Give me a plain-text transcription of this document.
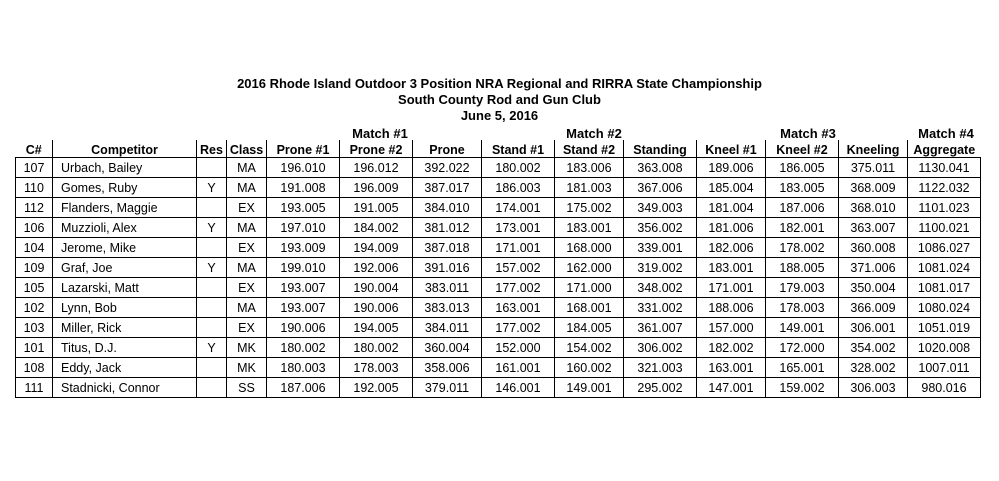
2016 Rhode Island Outdoor 3 Position NRA Regional and RIRRA State Championship
South County Rod and Gun Club
June 5, 2016
Match #1	Match #2	Match #3	Match #4
C#	Competitor	Res	Class	Prone #1	Prone #2	Prone	Stand #1	Stand #2	Standing	Kneel #1	Kneel #2	Kneeling	Aggregate
107	Urbach, Bailey		MA	196.010	196.012	392.022	180.002	183.006	363.008	189.006	186.005	375.011	1130.041
110	Gomes, Ruby	Y	MA	191.008	196.009	387.017	186.003	181.003	367.006	185.004	183.005	368.009	1122.032
112	Flanders, Maggie		EX	193.005	191.005	384.010	174.001	175.002	349.003	181.004	187.006	368.010	1101.023
106	Muzzioli, Alex	Y	MA	197.010	184.002	381.012	173.001	183.001	356.002	181.006	182.001	363.007	1100.021
104	Jerome, Mike		EX	193.009	194.009	387.018	171.001	168.000	339.001	182.006	178.002	360.008	1086.027
109	Graf, Joe	Y	MA	199.010	192.006	391.016	157.002	162.000	319.002	183.001	188.005	371.006	1081.024
105	Lazarski, Matt		EX	193.007	190.004	383.011	177.002	171.000	348.002	171.001	179.003	350.004	1081.017
102	Lynn, Bob		MA	193.007	190.006	383.013	163.001	168.001	331.002	188.006	178.003	366.009	1080.024
103	Miller, Rick		EX	190.006	194.005	384.011	177.002	184.005	361.007	157.000	149.001	306.001	1051.019
101	Titus, D.J.	Y	MK	180.002	180.002	360.004	152.000	154.002	306.002	182.002	172.000	354.002	1020.008
108	Eddy, Jack		MK	180.003	178.003	358.006	161.001	160.002	321.003	163.001	165.001	328.002	1007.011
111	Stadnicki, Connor		SS	187.006	192.005	379.011	146.001	149.001	295.002	147.001	159.002	306.003	980.016
